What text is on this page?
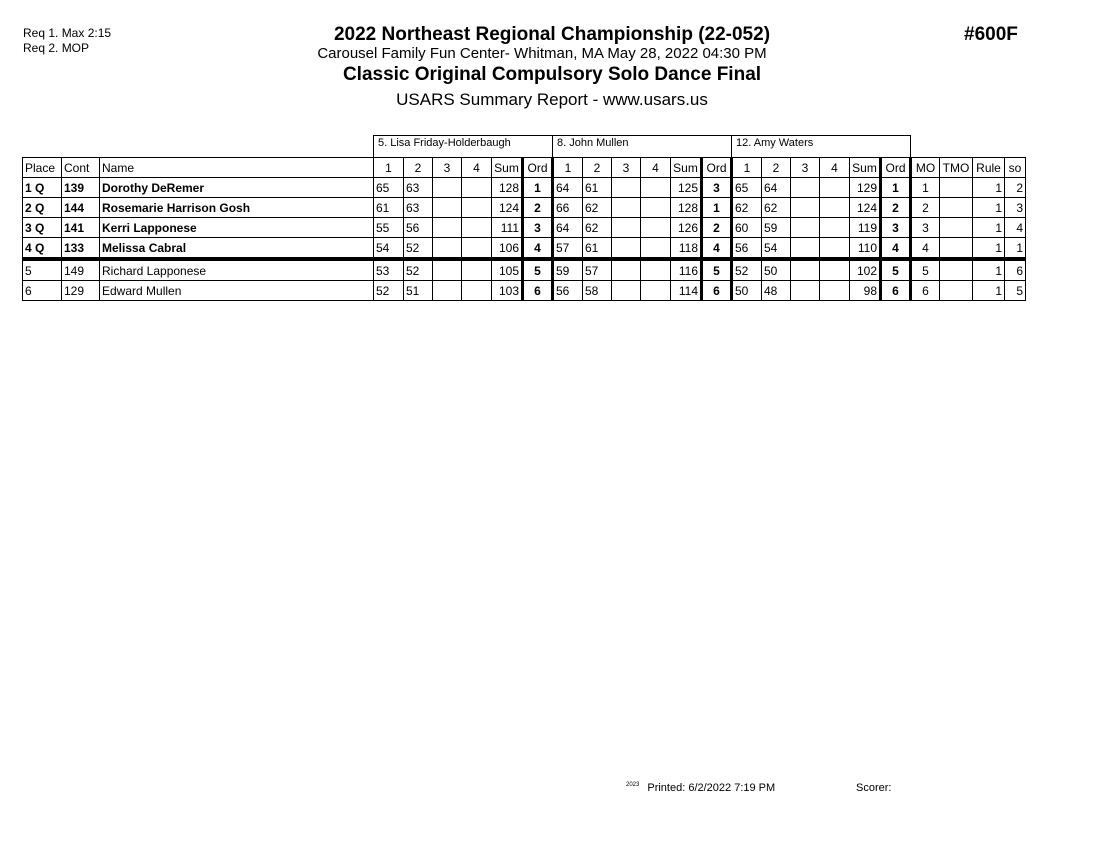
Req 1. Max 2:15
Req 2. MOP
2022 Northeast Regional Championship (22-052)
Carousel Family Fun Center- Whitman, MA May 28, 2022 04:30 PM
Classic Original Compulsory Solo Dance Final
USARS Summary Report - www.usars.us
#600F
			5. Lisa Friday-Holderbaugh						8. John Mullen						12. Amy Waters									
Place	Cont	Name	1	2	3	4	Sum	Ord	1	2	3	4	Sum	Ord	1	2	3	4	Sum	Ord	MO	TMO	Rule	so
1 Q	139	Dorothy DeRemer	65	63			128	1	64	61			125	3	65	64			129	1	1		1	2
2 Q	144	Rosemarie Harrison Gosh	61	63			124	2	66	62			128	1	62	62			124	2	2		1	3
3 Q	141	Kerri Lapponese	55	56			111	3	64	62			126	2	60	59			119	3	3		1	4
4 Q	133	Melissa Cabral	54	52			106	4	57	61			118	4	56	54			110	4	4		1	1
5	149	Richard Lapponese	53	52			105	5	59	57			116	5	52	50			102	5	5		1	6
6	129	Edward Mullen	52	51			103	6	56	58			114	6	50	48			98	6	6		1	5
$^{2023}$ Printed: 6/2/2022 7:19 PM	Scorer:
